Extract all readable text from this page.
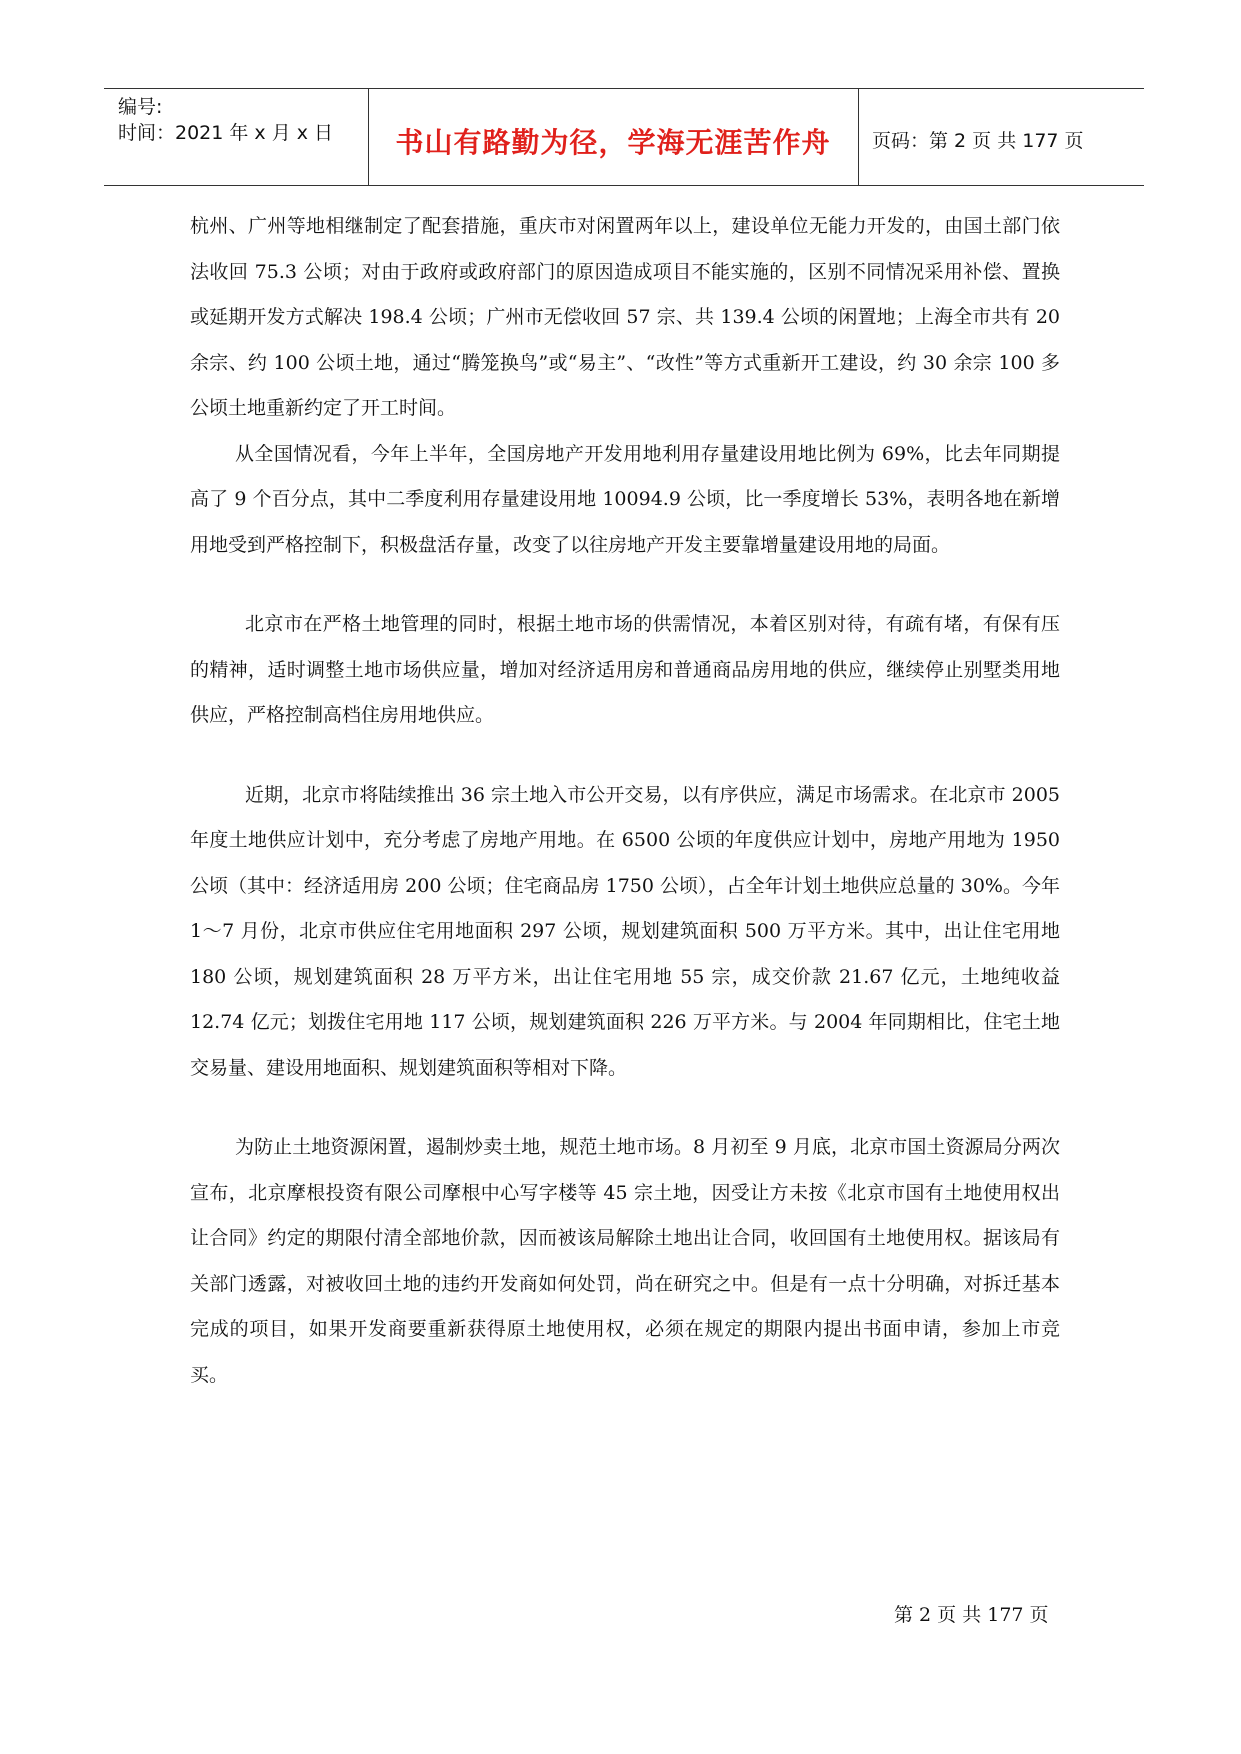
编号:
时间：2021 年 x 月 x 日	书山有路勤为径，学海无涯苦作舟	页码：第 2 页 共 177 页

杭州、广州等地相继制定了配套措施，重庆市对闲置两年以上，建设单位无能力开发的，由国土部门依法收回 75.3 公顷；对由于政府或政府部门的原因造成项目不能实施的，区别不同情况采用补偿、置换或延期开发方式解决 198.4 公顷；广州市无偿收回 57 宗、共 139.4 公顷的闲置地；上海全市共有 20 余宗、约 100 公顷土地，通过“腾笼换鸟”或“易主”、“改性”等方式重新开工建设，约 30 余宗 100 多公顷土地重新约定了开工时间。

从全国情况看，今年上半年，全国房地产开发用地利用存量建设用地比例为 69%，比去年同期提高了 9 个百分点，其中二季度利用存量建设用地 10094.9 公顷，比一季度增长 53%，表明各地在新增用地受到严格控制下，积极盘活存量，改变了以往房地产开发主要靠增量建设用地的局面。

北京市在严格土地管理的同时，根据土地市场的供需情况，本着区别对待，有疏有堵，有保有压的精神，适时调整土地市场供应量，增加对经济适用房和普通商品房用地的供应，继续停止别墅类用地供应，严格控制高档住房用地供应。

近期，北京市将陆续推出 36 宗土地入市公开交易，以有序供应，满足市场需求。在北京市 2005 年度土地供应计划中，充分考虑了房地产用地。在 6500 公顷的年度供应计划中，房地产用地为 1950 公顷（其中：经济适用房 200 公顷；住宅商品房 1750 公顷），占全年计划土地供应总量的 30%。今年 1～7 月份，北京市供应住宅用地面积 297 公顷，规划建筑面积 500 万平方米。其中，出让住宅用地 180 公顷，规划建筑面积 28 万平方米，出让住宅用地 55 宗，成交价款 21.67 亿元，土地纯收益 12.74 亿元；划拨住宅用地 117 公顷，规划建筑面积 226 万平方米。与 2004 年同期相比，住宅土地交易量、建设用地面积、规划建筑面积等相对下降。

为防止土地资源闲置，遏制炒卖土地，规范土地市场。8 月初至 9 月底，北京市国土资源局分两次宣布，北京摩根投资有限公司摩根中心写字楼等 45 宗土地，因受让方未按《北京市国有土地使用权出让合同》约定的期限付清全部地价款，因而被该局解除土地出让合同，收回国有土地使用权。据该局有关部门透露，对被收回土地的违约开发商如何处罚，尚在研究之中。但是有一点十分明确，对拆迁基本完成的项目，如果开发商要重新获得原土地使用权，必须在规定的期限内提出书面申请，参加上市竞买。

第 2 页 共 177 页
